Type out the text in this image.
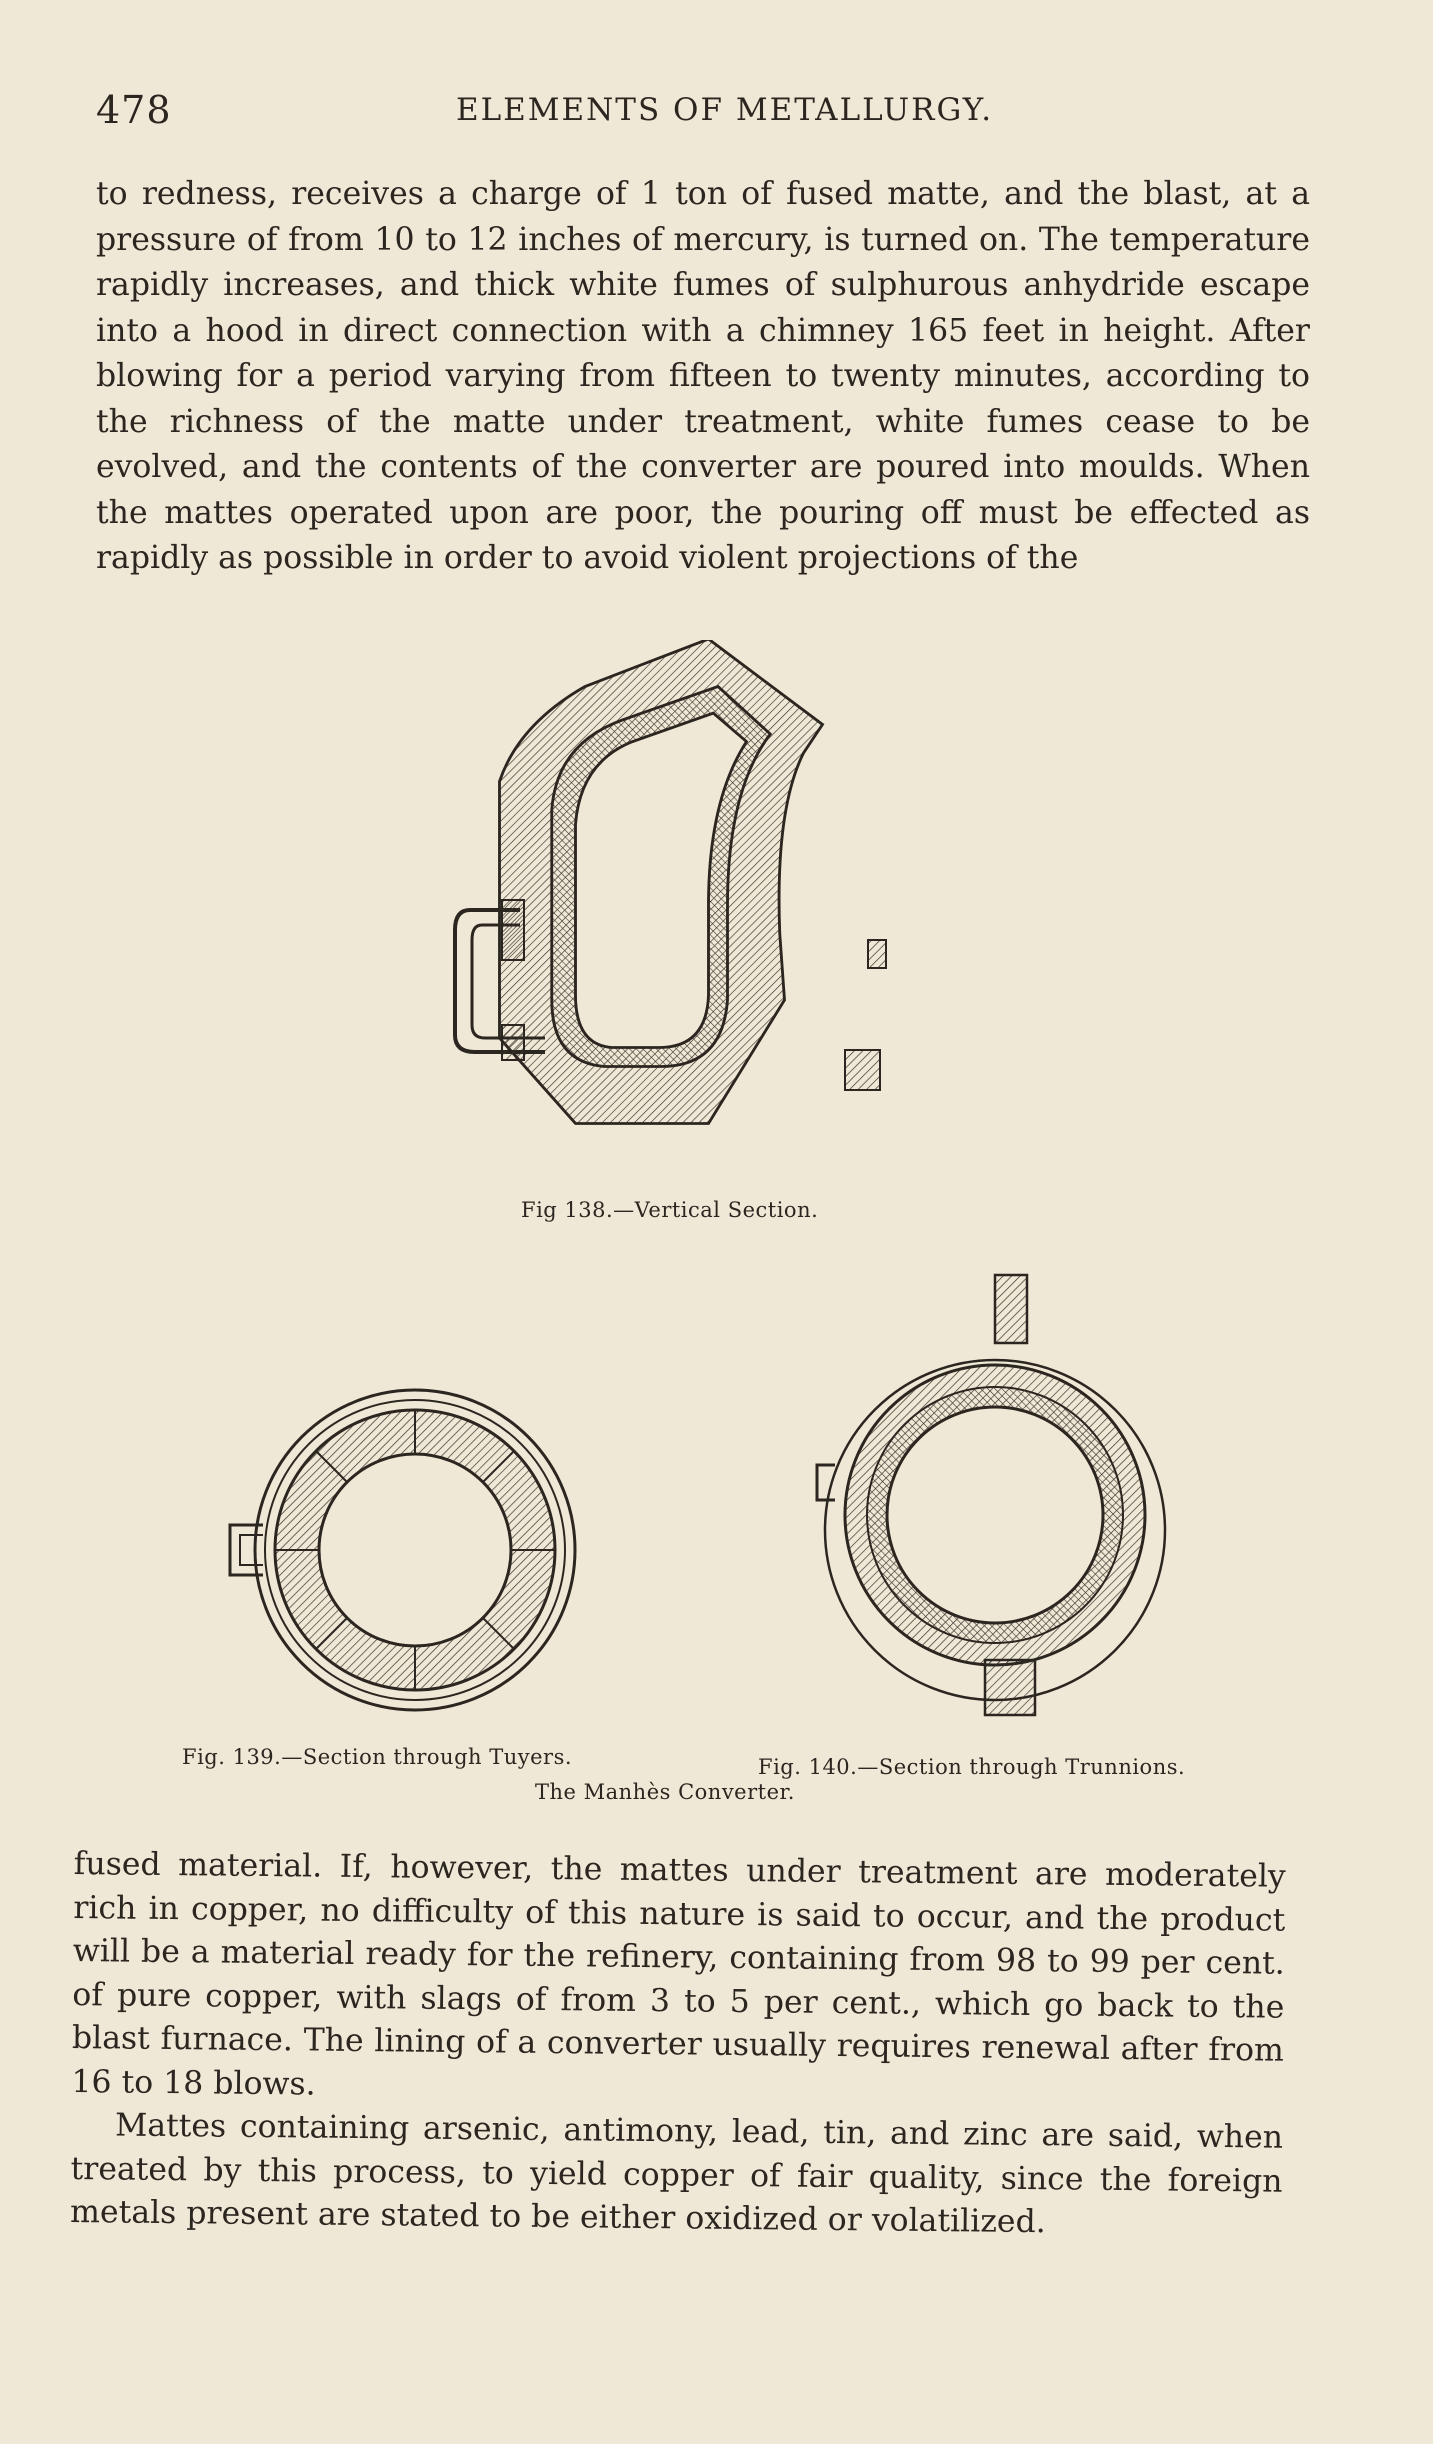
478	ELEMENTS OF METALLURGY.

to redness, receives a charge of 1 ton of fused matte, and the blast, at a pressure of from 10 to 12 inches of mercury, is turned on. The temperature rapidly increases, and thick white fumes of sulphurous anhydride escape into a hood in direct connection with a chimney 165 feet in height. After blowing for a period varying from fifteen to twenty minutes, according to the richness of the matte under treatment, white fumes cease to be evolved, and the contents of the converter are poured into moulds. When the mattes operated upon are poor, the pouring off must be effected as rapidly as possible in order to avoid violent projections of the

Fig 138.—Vertical Section.
Fig. 139.—Section through Tuyers.	Fig. 140.—Section through Trunnions.
The Manhès Converter.

fused material. If, however, the mattes under treatment are moderately rich in copper, no difficulty of this nature is said to occur, and the product will be a material ready for the refinery, containing from 98 to 99 per cent. of pure copper, with slags of from 3 to 5 per cent., which go back to the blast furnace. The lining of a converter usually requires renewal after from 16 to 18 blows.

Mattes containing arsenic, antimony, lead, tin, and zinc are said, when treated by this process, to yield copper of fair quality, since the foreign metals present are stated to be either oxidized or volatilized.
